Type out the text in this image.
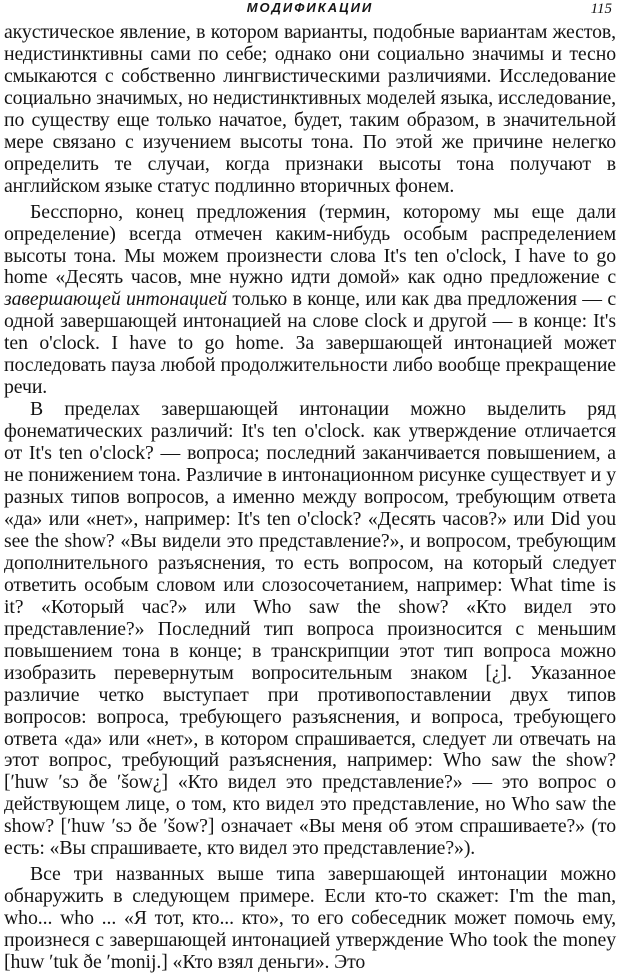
МОДИФИКАЦИИ	115

акустическое явление, в котором варианты, подобные вариантам жестов, недистинктивны сами по себе; однако они социально значимы и тесно смыкаются с собственно лингвистическими различиями. Исследование социально значимых, но недистинктивных моделей языка, исследование, по существу еще только начатое, будет, таким образом, в значительной мере связано с изучением высоты тона. По этой же причине нелегко определить те случаи, когда признаки высоты тона получают в английском языке статус подлинно вторичных фонем.

Бесспорно, конец предложения (термин, которому мы еще дали определение) всегда отмечен каким-нибудь особым распределением высоты тона. Мы можем произнести слова It's ten o'clock, I have to go home «Десять часов, мне нужно идти домой» как одно предложение с завершающей интонацией только в конце, или как два предложения — с одной завершающей интонацией на слове clock и другой — в конце: It's ten o'clock. I have to go home. За завершающей интонацией может последовать пауза любой продолжительности либо вообще прекращение речи.

В пределах завершающей интонации можно выделить ряд фонематических различий: It's ten o'clock. как утверждение отличается от It's ten o'clock? — вопроса; последний заканчивается повышением, а не понижением тона. Различие в интонационном рисунке существует и у разных типов вопросов, а именно между вопросом, требующим ответа «да» или «нет», например: It's ten o'clock? «Десять часов?» или Did you see the show? «Вы видели это представление?», и вопросом, требующим дополнительного разъяснения, то есть вопросом, на который следует ответить особым словом или слозосочетанием, например: What time is it? «Который час?» или Who saw the show? «Кто видел это представление?» Последний тип вопроса произносится с меньшим повышением тона в конце; в транскрипции этот тип вопроса можно изобразить перевернутым вопросительным знаком [¿]. Указанное различие четко выступает при противопоставлении двух типов вопросов: вопроса, требующего разъяснения, и вопроса, требующего ответа «да» или «нет», в котором спрашивается, следует ли отвечать на этот вопрос, требующий разъяснения, например: Who saw the show? [ʹhuw ʹsɔ ðe ʹšow¿] «Кто видел это представление?» — это вопрос о действующем лице, о том, кто видел это представление, но Who saw the show? [ʹhuw ʹsɔ ðe ʹšow?] означает «Вы меня об этом спрашиваете?» (то есть: «Вы спрашиваете, кто видел это представление?»).

Все три названных выше типа завершающей интонации можно обнаружить в следующем примере. Если кто-то скажет: I'm the man, who... who ... «Я тот, кто... кто», то его собеседник может помочь ему, произнеся с завершающей интонацией утверждение Who took the money [huw ʹtuk ðe ʹmonij.] «Кто взял деньги». Это
